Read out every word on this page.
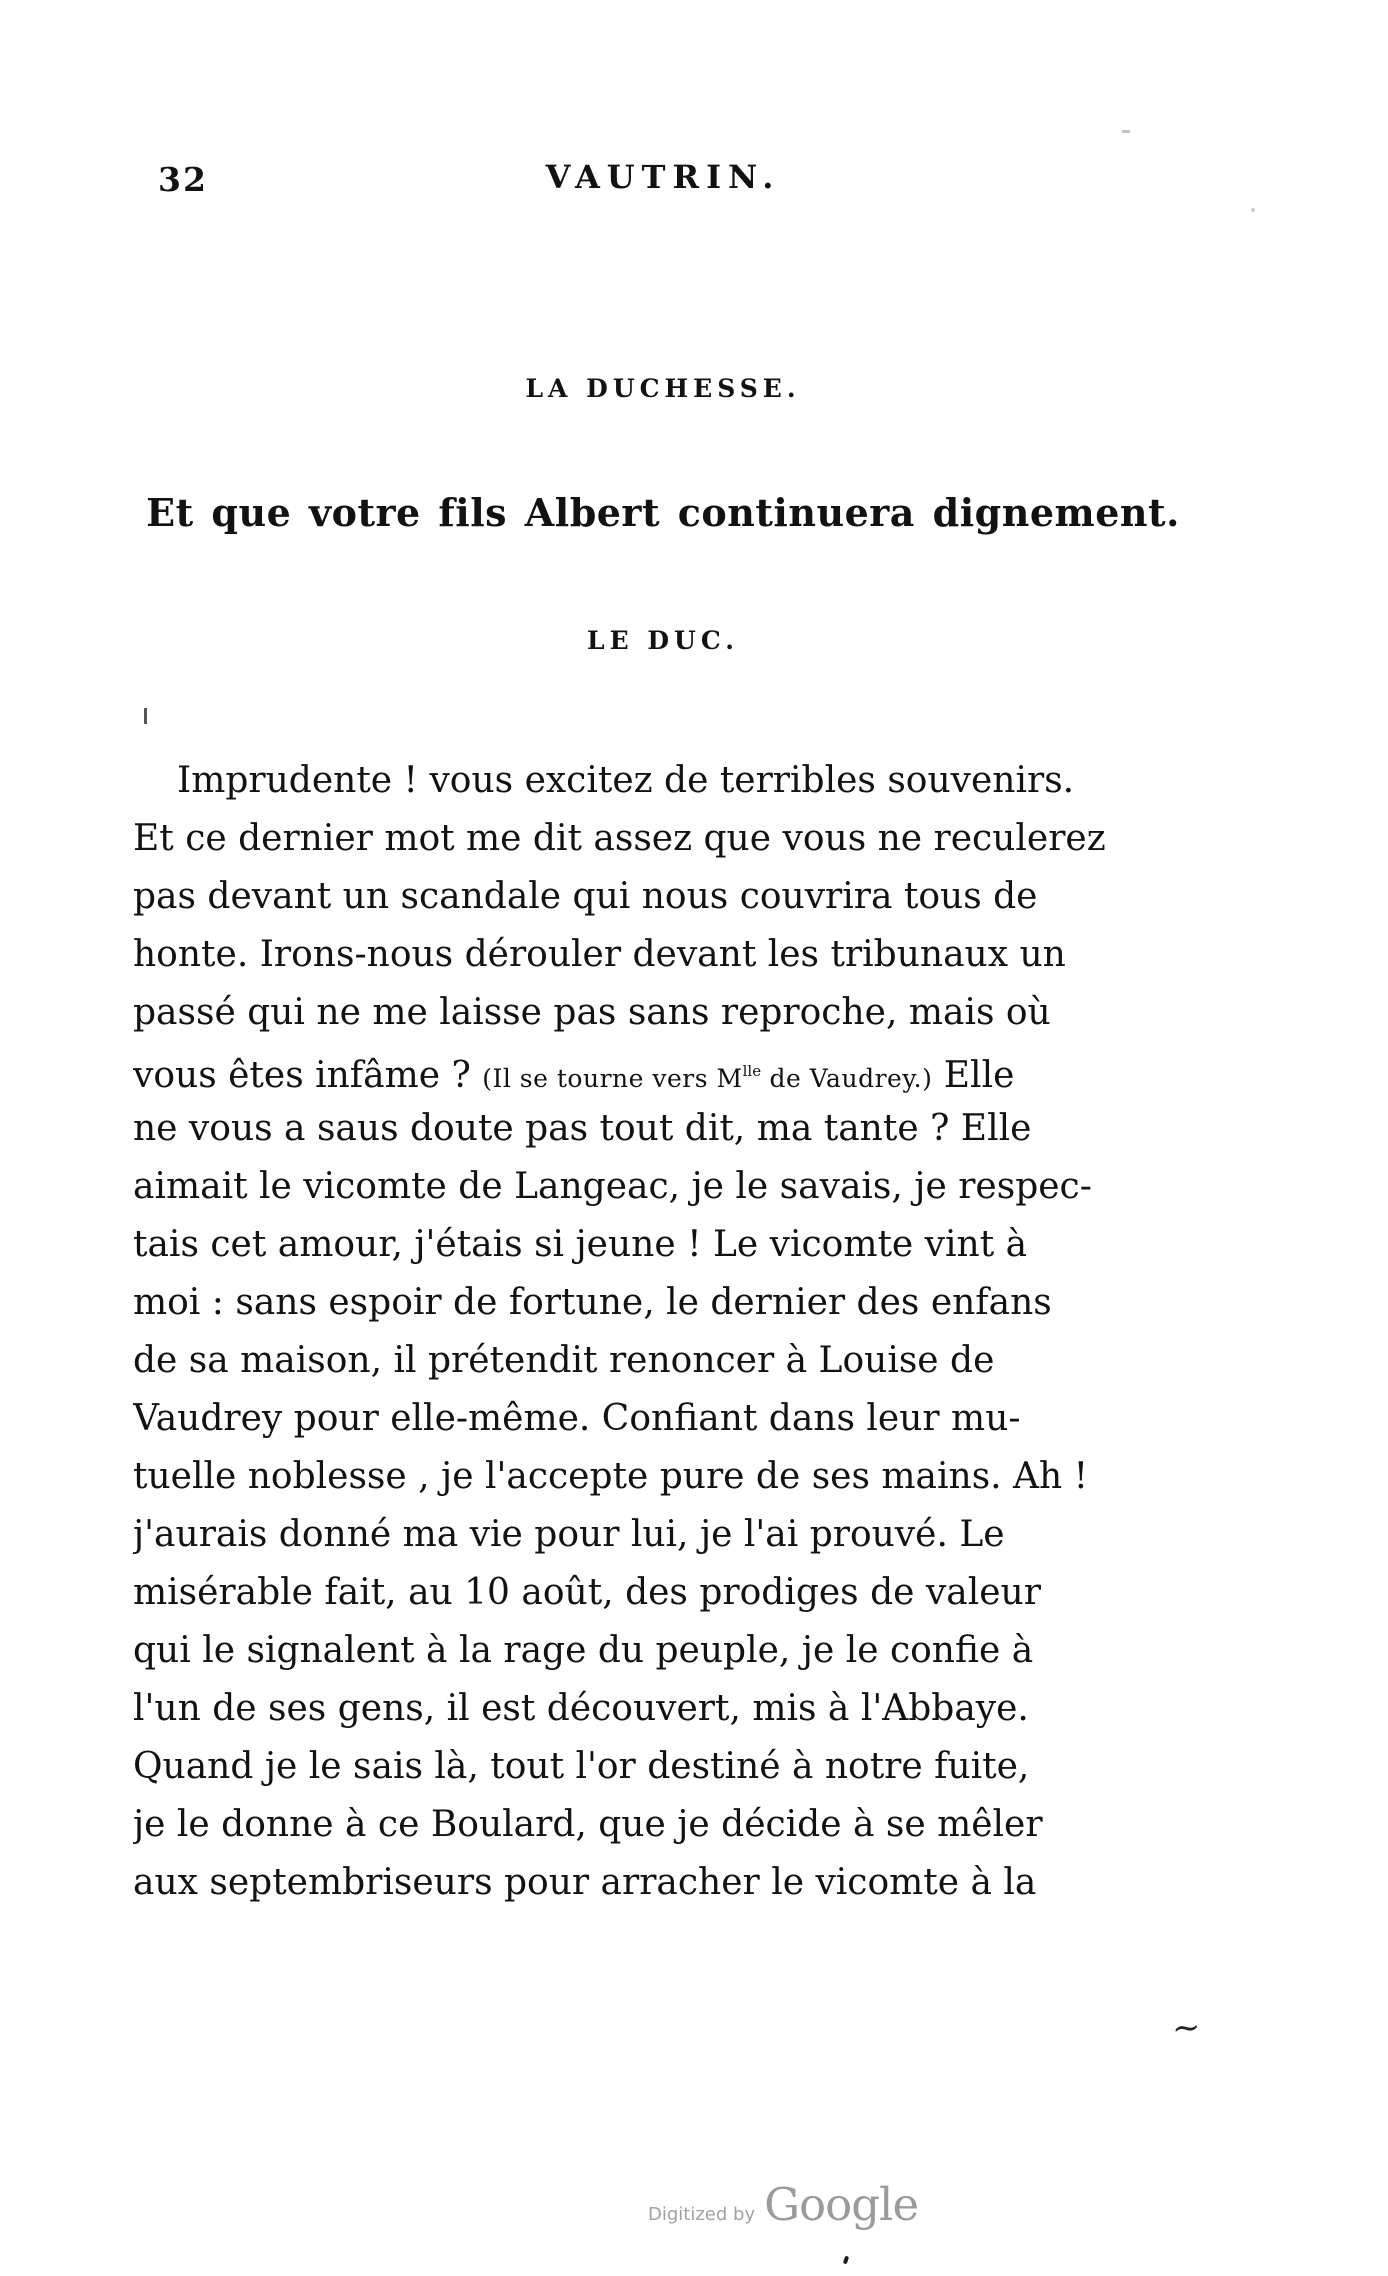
32	VAUTRIN.
LA DUCHESSE.
Et que votre fils Albert continuera dignement.
LE DUC.
Imprudente ! vous excitez de terribles souvenirs.
Et ce dernier mot me dit assez que vous ne reculerez
pas devant un scandale qui nous couvrira tous de
honte. Irons-nous dérouler devant les tribunaux un
passé qui ne me laisse pas sans reproche, mais où
vous êtes infâme ? (Il se tourne vers $M^{lle}$ de Vaudrey.) Elle
ne vous a saus doute pas tout dit, ma tante ? Elle
aimait le vicomte de Langeac, je le savais, je respec-
tais cet amour, j'étais si jeune ! Le vicomte vint à
moi : sans espoir de fortune, le dernier des enfans
de sa maison, il prétendit renoncer à Louise de
Vaudrey pour elle-même. Confiant dans leur mu-
tuelle noblesse , je l'accepte pure de ses mains. Ah !
j'aurais donné ma vie pour lui, je l'ai prouvé. Le
misérable fait, au 10 août, des prodiges de valeur
qui le signalent à la rage du peuple, je le confie à
l'un de ses gens, il est découvert, mis à l'Abbaye.
Quand je le sais là, tout l'or destiné à notre fuite,
je le donne à ce Boulard, que je décide à se mêler
aux septembriseurs pour arracher le vicomte à la
~
Digitized by Google
